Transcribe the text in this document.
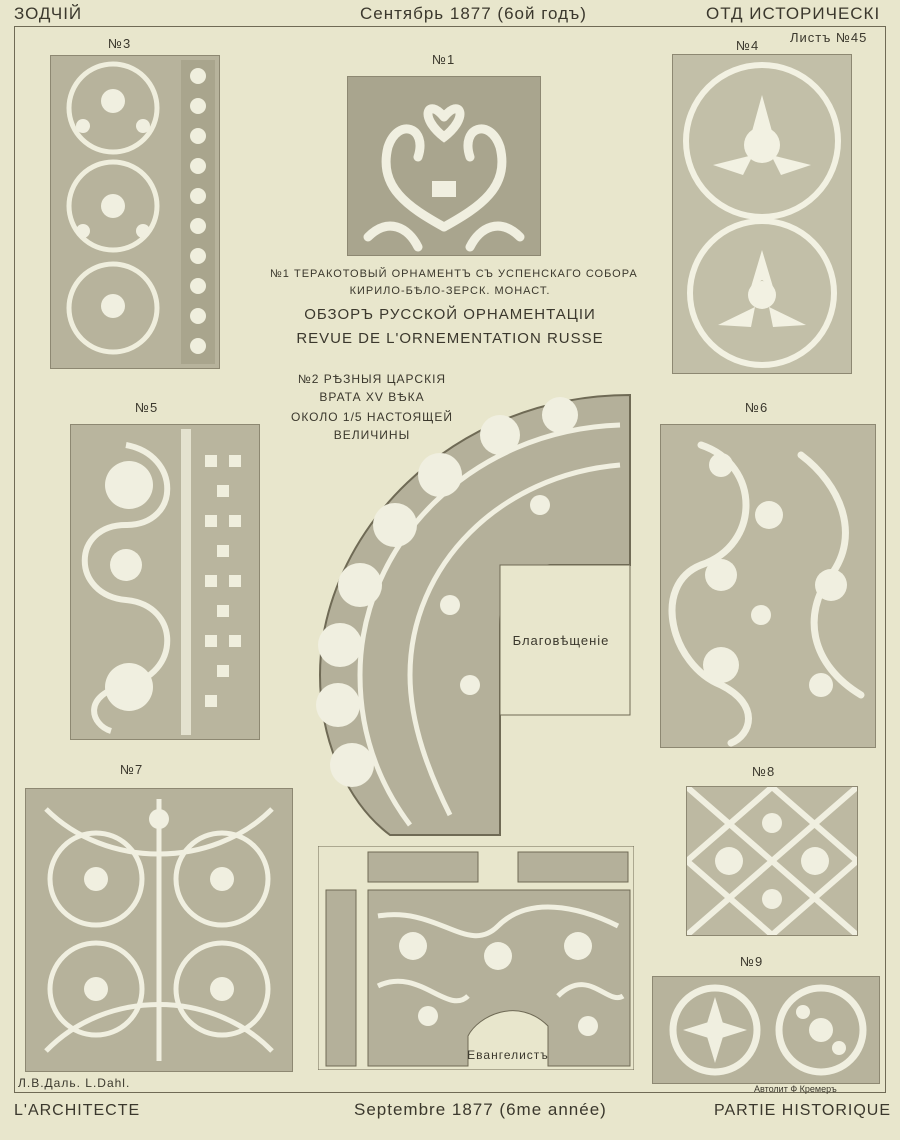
ЗОДЧІЙ	Сентябрь 1877 (6ой годъ)	ОТД ИСТОРИЧЕСКІ
Листъ №45
№3
№1
№4
№5	№6
№7	№8
№9
№1 ТЕРАКОТОВЫЙ ОРНАМЕНТЪ СЪ УСПЕНСКАГО СОБОРА
КИРИЛО-БѢЛО-ЗЕРСК. МОНАСТ.
ОБЗОРЪ РУССКОЙ ОРНАМЕНТАЦІИ
REVUE DE L'ORNEMENTATION RUSSE
№2 РѢЗНЫЯ ЦАРСКІЯ
ВРАТА XV ВѢКА
ОКОЛО 1/5 НАСТОЯЩЕЙ
ВЕЛИЧИНЫ
Благовѣщеніе
Евангелистъ
Л.В.Даль. L.Dahl.	Автолит Ф Кремеръ
L'ARCHITECTE	Septembre 1877 (6me année)	PARTIE HISTORIQUE
